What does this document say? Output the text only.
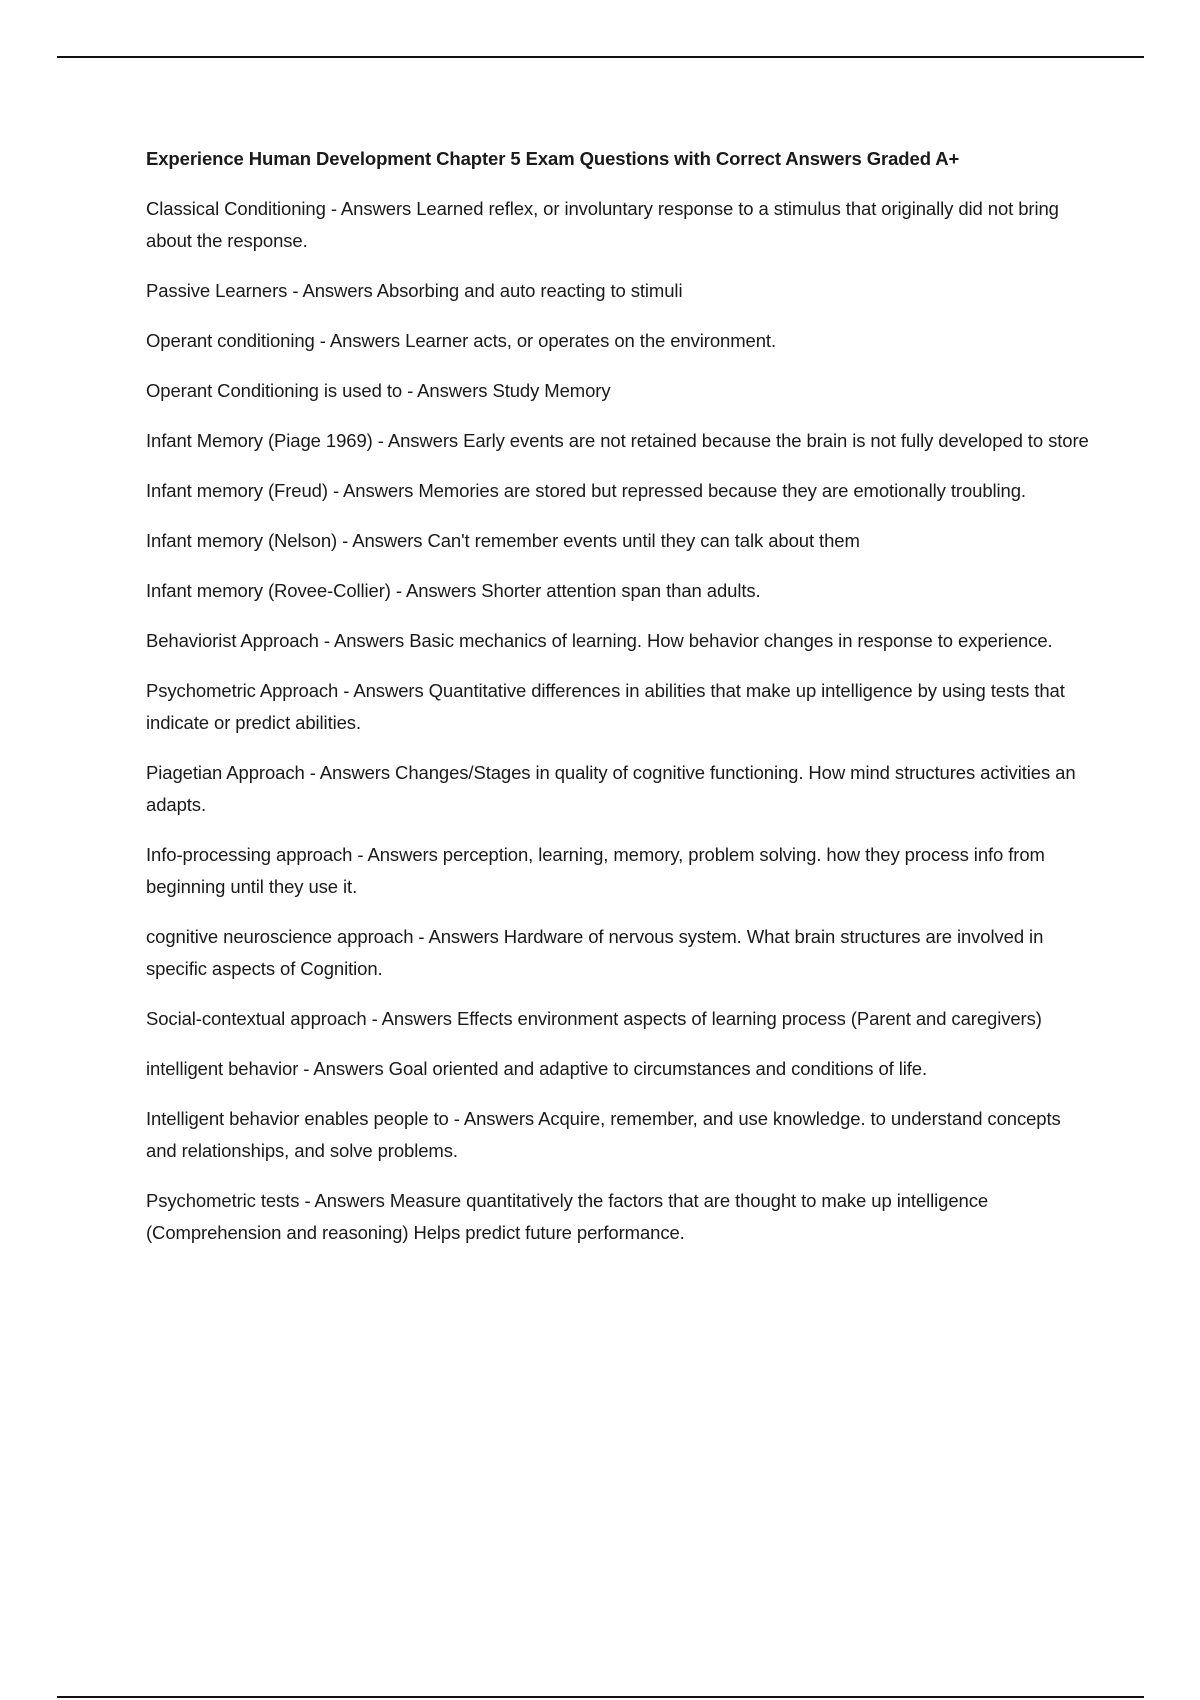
Experience Human Development Chapter 5 Exam Questions with Correct Answers Graded A+

Classical Conditioning - Answers Learned reflex, or involuntary response to a stimulus that originally did not bring about the response.

Passive Learners - Answers Absorbing and auto reacting to stimuli

Operant conditioning - Answers Learner acts, or operates on the environment.

Operant Conditioning is used to - Answers Study Memory

Infant Memory (Piage 1969) - Answers Early events are not retained because the brain is not fully developed to store

Infant memory (Freud) - Answers Memories are stored but repressed because they are emotionally troubling.

Infant memory (Nelson) - Answers Can't remember events until they can talk about them

Infant memory (Rovee-Collier) - Answers Shorter attention span than adults.

Behaviorist Approach - Answers Basic mechanics of learning. How behavior changes in response to experience.

Psychometric Approach - Answers Quantitative differences in abilities that make up intelligence by using tests that indicate or predict abilities.

Piagetian Approach - Answers Changes/Stages in quality of cognitive functioning. How mind structures activities an adapts.

Info-processing approach - Answers perception, learning, memory, problem solving. how they process info from beginning until they use it.

cognitive neuroscience approach - Answers Hardware of nervous system. What brain structures are involved in specific aspects of Cognition.

Social-contextual approach - Answers Effects environment aspects of learning process (Parent and caregivers)

intelligent behavior - Answers Goal oriented and adaptive to circumstances and conditions of life.

Intelligent behavior enables people to - Answers Acquire, remember, and use knowledge. to understand concepts and relationships, and solve problems.

Psychometric tests - Answers Measure quantitatively the factors that are thought to make up intelligence (Comprehension and reasoning) Helps predict future performance.
